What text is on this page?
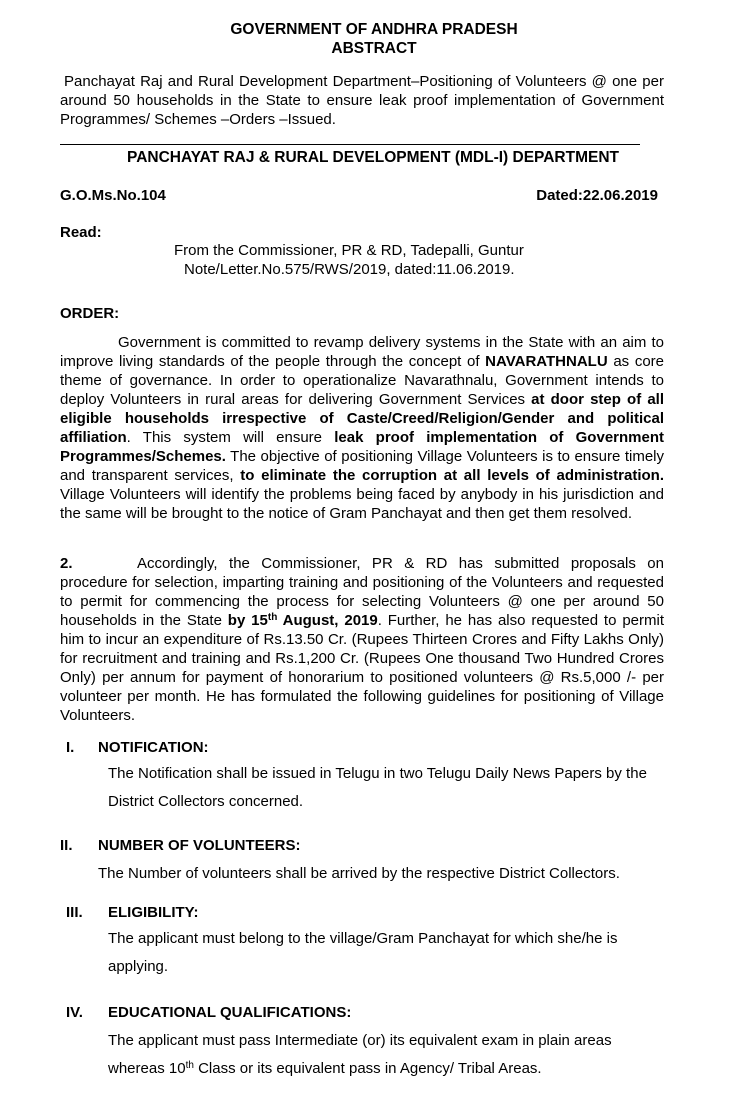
GOVERNMENT OF ANDHRA PRADESH
ABSTRACT
Panchayat Raj and Rural Development Department–Positioning of Volunteers @ one per around 50 households in the State to ensure leak proof implementation of Government Programmes/ Schemes –Orders –Issued.
PANCHAYAT RAJ & RURAL DEVELOPMENT (MDL-I) DEPARTMENT
G.O.Ms.No.104	Dated:22.06.2019
Read:
From the Commissioner, PR & RD, Tadepalli, Guntur
Note/Letter.No.575/RWS/2019, dated:11.06.2019.
ORDER:
Government is committed to revamp delivery systems in the State with an aim to improve living standards of the people through the concept of NAVARATHNALU as core theme of governance. In order to operationalize Navarathnalu, Government intends to deploy Volunteers in rural areas for delivering Government Services at door step of all eligible households irrespective of Caste/Creed/Religion/Gender and political affiliation. This system will ensure leak proof implementation of Government Programmes/Schemes. The objective of positioning Village Volunteers is to ensure timely and transparent services, to eliminate the corruption at all levels of administration. Village Volunteers will identify the problems being faced by anybody in his jurisdiction and the same will be brought to the notice of Gram Panchayat and then get them resolved.
2.	Accordingly, the Commissioner, PR & RD has submitted proposals on procedure for selection, imparting training and positioning of the Volunteers and requested to permit for commencing the process for selecting Volunteers @ one per around 50 households in the State by 15th August, 2019. Further, he has also requested to permit him to incur an expenditure of Rs.13.50 Cr. (Rupees Thirteen Crores and Fifty Lakhs Only) for recruitment and training and Rs.1,200 Cr. (Rupees One thousand Two Hundred Crores Only) per annum for payment of honorarium to positioned volunteers @ Rs.5,000 /- per volunteer per month. He has formulated the following guidelines for positioning of Village Volunteers.
I. NOTIFICATION:
The Notification shall be issued in Telugu in two Telugu Daily News Papers by the District Collectors concerned.
II. NUMBER OF VOLUNTEERS:
The Number of volunteers shall be arrived by the respective District Collectors.
III. ELIGIBILITY:
The applicant must belong to the village/Gram Panchayat for which she/he is applying.
IV. EDUCATIONAL QUALIFICATIONS:
The applicant must pass Intermediate (or) its equivalent exam in plain areas whereas 10th Class or its equivalent pass in Agency/ Tribal Areas.
